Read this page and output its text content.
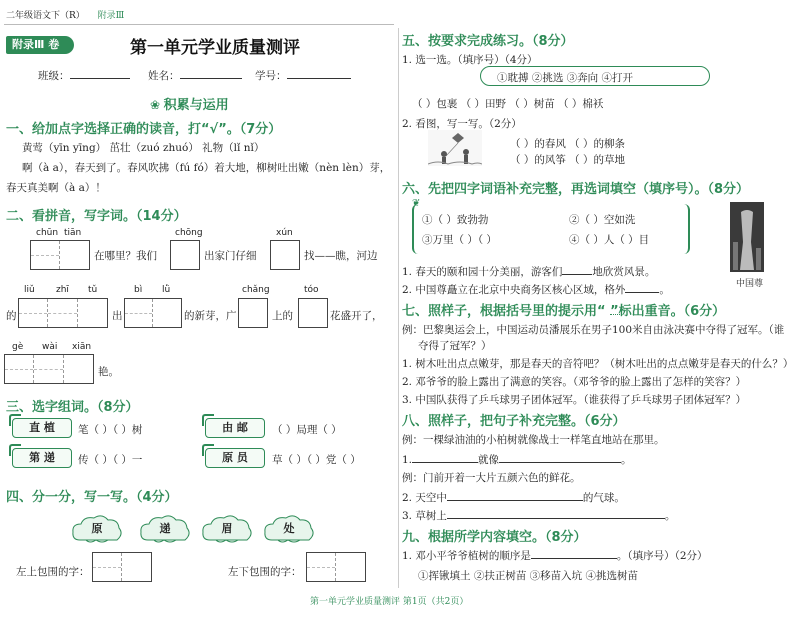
二年级语文下（R） 附录Ⅲ
附录Ⅲ 卷	第一单元学业质量测评
班级：	姓名：	学号：
❀ 积累与运用
一、给加点字选择正确的读音，打“√”。（7分）
黄莺（yīn yīng） 茁壮（zuó zhuó） 礼物（lǐ nǐ）
啊（à a），春天到了。春风吹拂（fú fó）着大地，柳树吐出嫩（nèn lèn）芽，
春天真美啊（à a）！
二、看拼音，写字词。（14分）
chūn tiān
在哪里？我们
chōng
出家门仔细
xún
找——瞧，河边
的
liǔ zhī tǔ
出
bì lǜ
的新芽，广
chǎng
上的
tóo
花盛开了，
gè wài xiān
艳。
三、选字组词。（8分）
直 植	笔（ ）（ ）树	由 邮	（ ）局理（ ）
第 递	传（ ）（ ）一	原 员	草（ ）（ ）党（ ）
四、分一分，写一写。（4分）
原	递	眉	处
左上包围的字：	左下包围的字：
五、按要求完成练习。（8分）
1. 选一选。（填序号）（4分）
①耽搏 ②挑选 ③奔向 ④打开
（ ）包裹 （ ）田野 （ ）树苗 （ ）棉袄
2. 看图，写一写。（2分）
（ ）的春风 （ ）的柳条
（ ）的风筝 （ ）的草地
六、先把四字词语补充完整，再选词填空（填序号）。（8分）
①（ ）致勃勃	②（ ）空如洗
③万里（ ）（ ）	④（ ）人（ ）目
❦
中国尊
1. 春天的颐和园十分美丽，游客们	地欣赏风景。
2. 中国尊矗立在北京中央商务区核心区域，格外	。
七、照样子，根据括号里的提示用“ ”标出重音。（6分）
例：巴黎奥运会上，中国运动员潘展乐在男子100米自由泳决赛中夺得了冠军。（谁
夺得了冠军？）
1. 树木吐出点点嫩芽，那是春天的音符吧？（树木吐出的点点嫩芽是春天的什么？）
2. 邓爷爷的脸上露出了满意的笑容。（邓爷爷的脸上露出了怎样的笑容？）
3. 中国队获得了乒乓球男子团体冠军。（谁获得了乒乓球男子团体冠军？）
八、照样子，把句子补充完整。（6分）
例：一棵绿油油的小柏树就像战士一样笔直地站在那里。
1.	就像	。
例：门前开着一大片五颜六色的鲜花。
2. 天空中	的气球。
3. 草树上	。
九、根据所学内容填空。（8分）
1. 邓小平爷爷植树的顺序是	。（填序号）（2分）
①挥锹填土 ②扶正树苗 ③移苗入坑 ④挑选树苗
第一单元学业质量测评 第1页（共2页）
